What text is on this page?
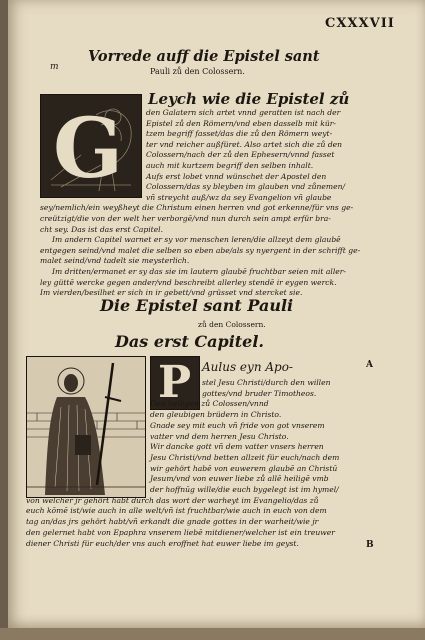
CXXXVII
m
Vorrede auff die Epistel sant
Pauli zů den Colossern.
G
Leych wie die Epistel zů
den Galatern sich artet vnnd geratten ist nach der
Epistel zů den Römern/vnd eben dasselb mit kür-
tzem begriff fasset/das die zů den Römern weyt-
ter vnd reicher außfüret. Also artet sich die zů den
Colossern/nach der zů den Ephesern/vnnd fasset
auch mit kurtzem begriff den selben inhalt.
Aufs erst lobet vnnd wünschet der Apostel den
Colossern/das sy bleyben im glauben vnd zůnemen/
vñ streycht auß/wz da sey Evangelion vñ glaube
sey/nemlich/ein weyßheyt die Christum einen herren vnd got erkenne/für vns ge-
creützigt/die von der welt her verborgē/vnd nun durch sein ampt erfür bra-
cht sey. Das ist das erst Capitel.
Im andern Capitel warnet er sy vor menschen leren/die allzeyt dem glaubē
entgegen seind/vnd malet die selben so eben abe/als sy nyergent in der schrifft ge-
malet seind/vnd tadelt sie meysterlich.
Im dritten/ermanet er sy das sie im lautern glaubē fruchtbar seien mit aller-
ley güttē wercke gegen ander/vnd beschreibt allerley stendē ir eygen werck.
Im vierden/besilhet er sich in ir gebett/vnd grüsset vnd stercket sie.
Die Epistel sant Pauli
zů den Colossern.
Das erst Capitel.
P Aulus eyn Apo-	A
B
stel Jesu Christi/durch den willen
gottes/vnd bruder Timotheos.
Den heiligen zů Colossen/vnnd
den gleubigen brüdern in Christo.
Gnade sey mit euch vñ fride von got vnserem
vatter vnd dem herren Jesu Christo.
Wir dancke gott vñ dem vatter vnsers herren
Jesu Christi/vnd betten allzeit für euch/nach dem
wir gehört habē von euwerem glaubē an Christū
Jesum/vnd von euwer liebe zů allē heiligē vmb
der hoffnūg wille/die euch bygelegt ist im hymel/
von welcher jr gehört habt durch das wort der warheyt im Evangelio/das zů
euch kōmē ist/wie auch in alle welt/vñ ist fruchtbar/wie auch in euch von dem
tag an/das jrs gehört habt/vñ erkandt die gnade gottes in der warheit/wie jr
den gelernet habt von Epaphra vnserem liebē mitdiener/welcher ist ein treuwer
diener Christi für euch/der vns auch eroffnet hat euwer liebe im geyst.
